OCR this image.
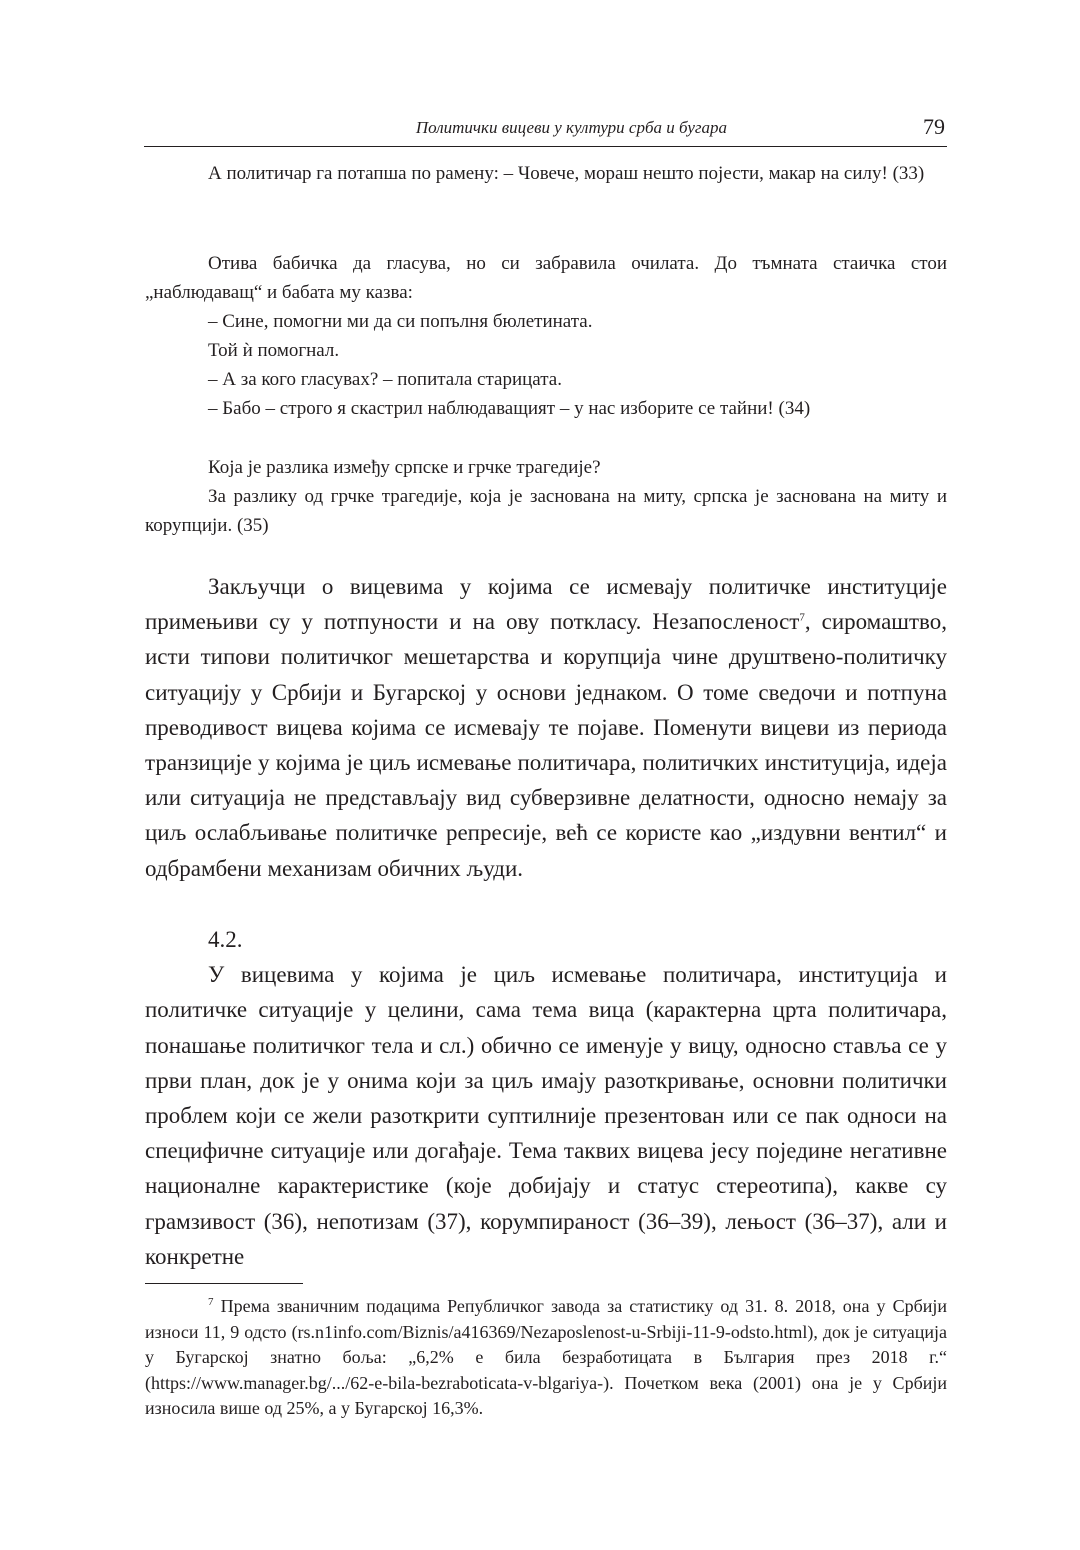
Политички вицеви у култури срба и бугара	79

А политичар га потапша по рамену: – Човече, мораш нешто појести, макар на силу! (33)

Отива бабичка да гласува, но си забравила очилата. До тъмната стаичка стои „наблюдаващ“ и бабата му казва:

– Сине, помогни ми да си попълня бюлетината.

Той ѝ помогнал.

– А за кого гласувах? – попитала старицата.

– Бабо – строго я скастрил наблюдаващият – у нас изборите се тайни! (34)

Која је разлика између српске и грчке трагедије?

За разлику од грчке трагедије, која је заснована на миту, српска је заснована на миту и корупцији. (35)

Закључци о вицевима у којима се исмевају политичке институције примењиви су у потпуности и на ову поткласу. Незапосленост$^7$, сиромаштво, исти типови политичког мешетарства и корупција чине друштвено-политичку ситуацију у Србији и Бугарској у основи једнаком. О томе сведочи и потпуна преводивост вицева којима се исмевају те појаве. Поменути вицеви из периода транзиције у којима је циљ исмевање политичара, политичких институција, идеја или ситуација не представљају вид субверзивне делатности, односно немају за циљ ослабљивање политичке репресије, већ се користе као „издувни вентил“ и одбрамбени механизам обичних људи.

4.2.

У вицевима у којима је циљ исмевање политичара, институција и политичке ситуације у целини, сама тема вица (карактерна црта политичара, понашање политичког тела и сл.) обично се именује у вицу, односно ставља се у први план, док је у онима који за циљ имају разоткривање, основни политички проблем који се жели разоткрити суптилније презентован или се пак односи на специфичне ситуације или догађаје. Тема таквих вицева јесу поједине негативне националне карактеристике (које добијају и статус стереотипа), какве су грамзивост (36), непотизам (37), корумпираност (36–39), лењост (36–37), али и конкретне

$^7$ Према званичним подацима Републичког завода за статистику од 31. 8. 2018, она у Србији износи 11, 9 одсто (rs.n1info.com/Biznis/a416369/Nezaposlenost-u-Srbiji-11-9-odsto.html), док је ситуација у Бугарској знатно боља: „6,2% е била безработицата в България през 2018 г.“ (https://www.manager.bg/.../62-e-bila-bezraboticata-v-blgariya-). Почетком века (2001) она је у Србији износила више од 25%, а у Бугарској 16,3%.
